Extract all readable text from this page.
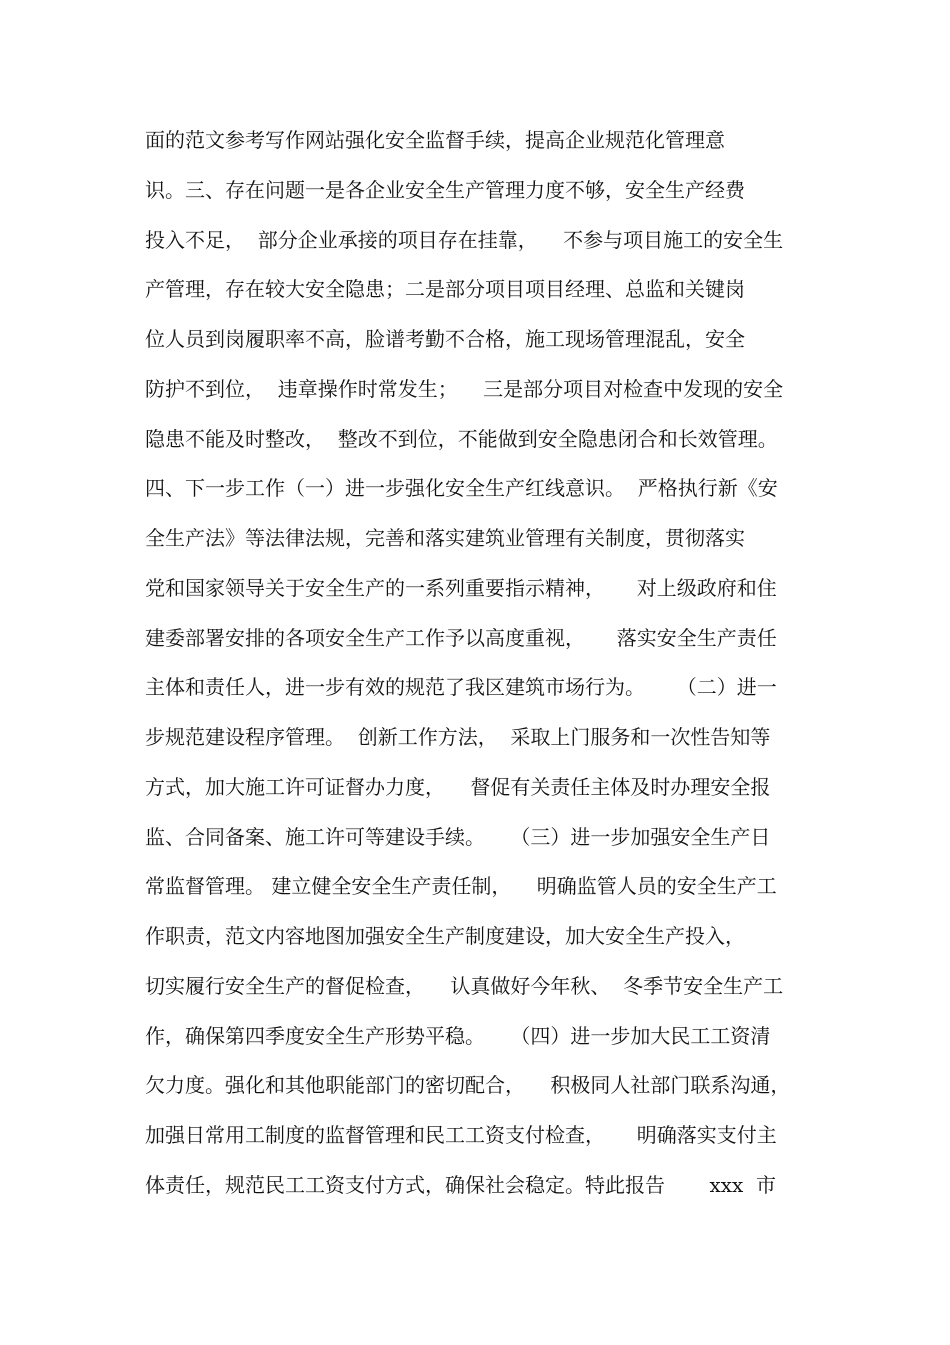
面的范文参考写作网站强化安全监督手续，提高企业规范化管理意
识。三、存在问题一是各企业安全生产管理力度不够，安全生产经费
投入不足，  部分企业承接的项目存在挂靠，    不参与项目施工的安全生
产管理，存在较大安全隐患；二是部分项目项目经理、总监和关键岗
位人员到岗履职率不高，脸谱考勤不合格，施工现场管理混乱，安全
防护不到位，  违章操作时常发生；    三是部分项目对检查中发现的安全
隐患不能及时整改，  整改不到位，不能做到安全隐患闭合和长效管理。
四、下一步工作（一）进一步强化安全生产红线意识。  严格执行新《安
全生产法》等法律法规，完善和落实建筑业管理有关制度，贯彻落实
党和国家领导关于安全生产的一系列重要指示精神，     对上级政府和住
建委部署安排的各项安全生产工作予以高度重视，     落实安全生产责任
主体和责任人，进一步有效的规范了我区建筑市场行为。     （二）进一
步规范建设程序管理。  创新工作方法，  采取上门服务和一次性告知等
方式，加大施工许可证督办力度，    督促有关责任主体及时办理安全报
监、合同备案、施工许可等建设手续。    （三）进一步加强安全生产日
常监督管理。 建立健全安全生产责任制，    明确监管人员的安全生产工
作职责，范文内容地图加强安全生产制度建设，加大安全生产投入，
切实履行安全生产的督促检查，    认真做好今年秋、  冬季节安全生产工
作，确保第四季度安全生产形势平稳。    （四）进一步加大民工工资清
欠力度。强化和其他职能部门的密切配合，    积极同人社部门联系沟通，
加强日常用工制度的监督管理和民工工资支付检查，     明确落实支付主
体责任，规范民工工资支付方式，确保社会稳定。特此报告       xxx  市
